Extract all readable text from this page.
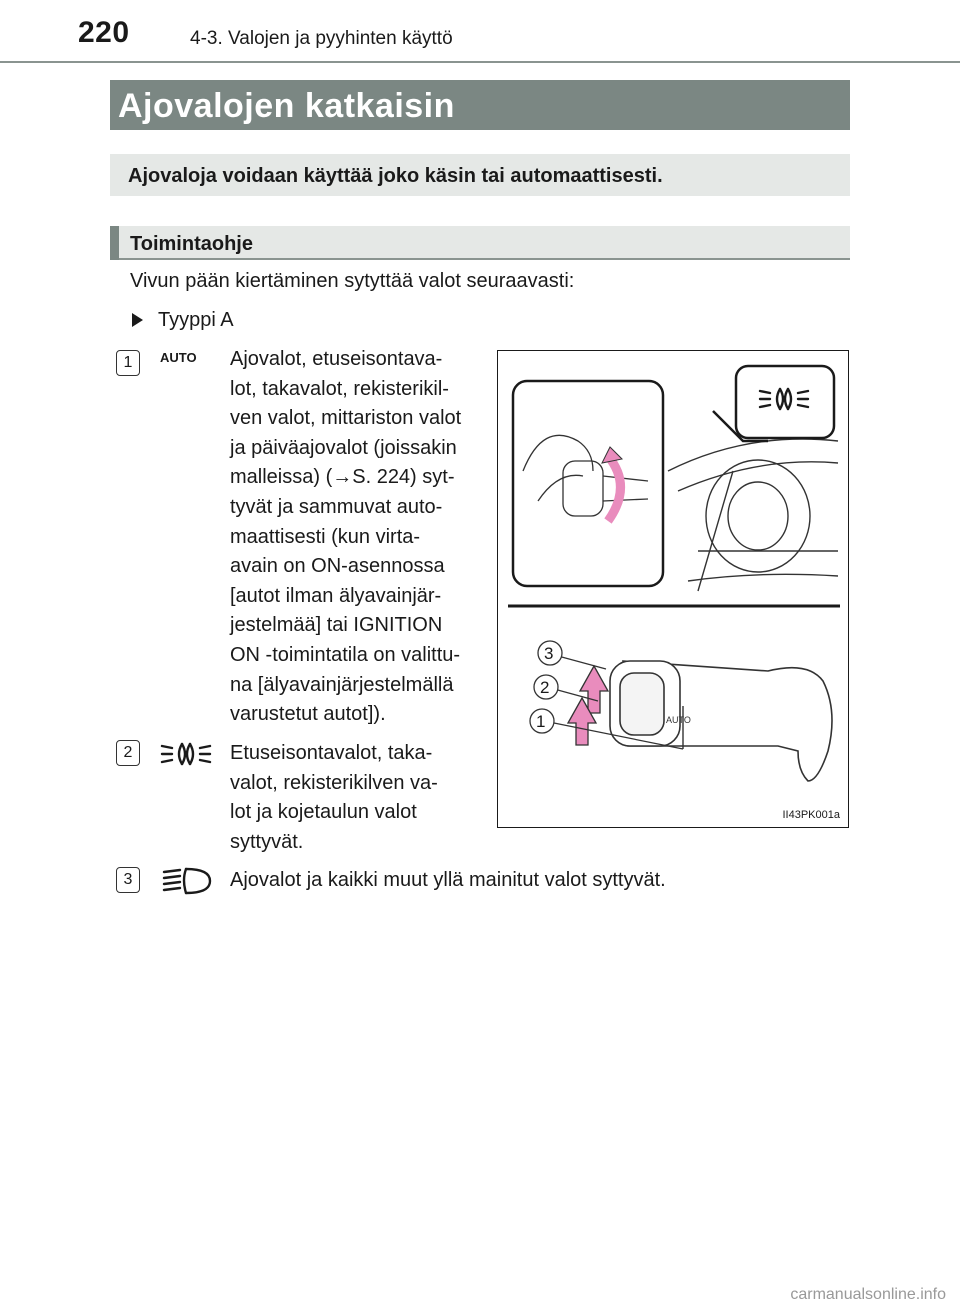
220	4-3. Valojen ja pyyhinten käyttö
Ajovalojen katkaisin
Ajovaloja voidaan käyttää joko käsin tai automaattisesti.
Toimintaohje
Vivun pään kiertäminen sytyttää valot seuraavasti:
Tyyppi A
1	AUTO Ajovalot, etuseisontava-
lot, takavalot, rekisterikil-
ven valot, mittariston valot
ja päiväajovalot (joissakin
malleissa) (→S. 224) syt-
tyvät ja sammuvat auto-
maattisesti (kun virta-
avain on ON-asennossa
[autot ilman älyavainjär-
jestelmää] tai IGNITION
ON -toimintatila on valittu-
na [älyavainjärjestelmällä
varustetut autot]).
2	Etuseisontavalot, taka-
valot, rekisterikilven va-
lot ja kojetaulun valot
syttyvät.
3	Ajovalot ja kaikki muut yllä mainitut valot syttyvät.
AUTO
3
2
1
II43PK001a
carmanualsonline.info
